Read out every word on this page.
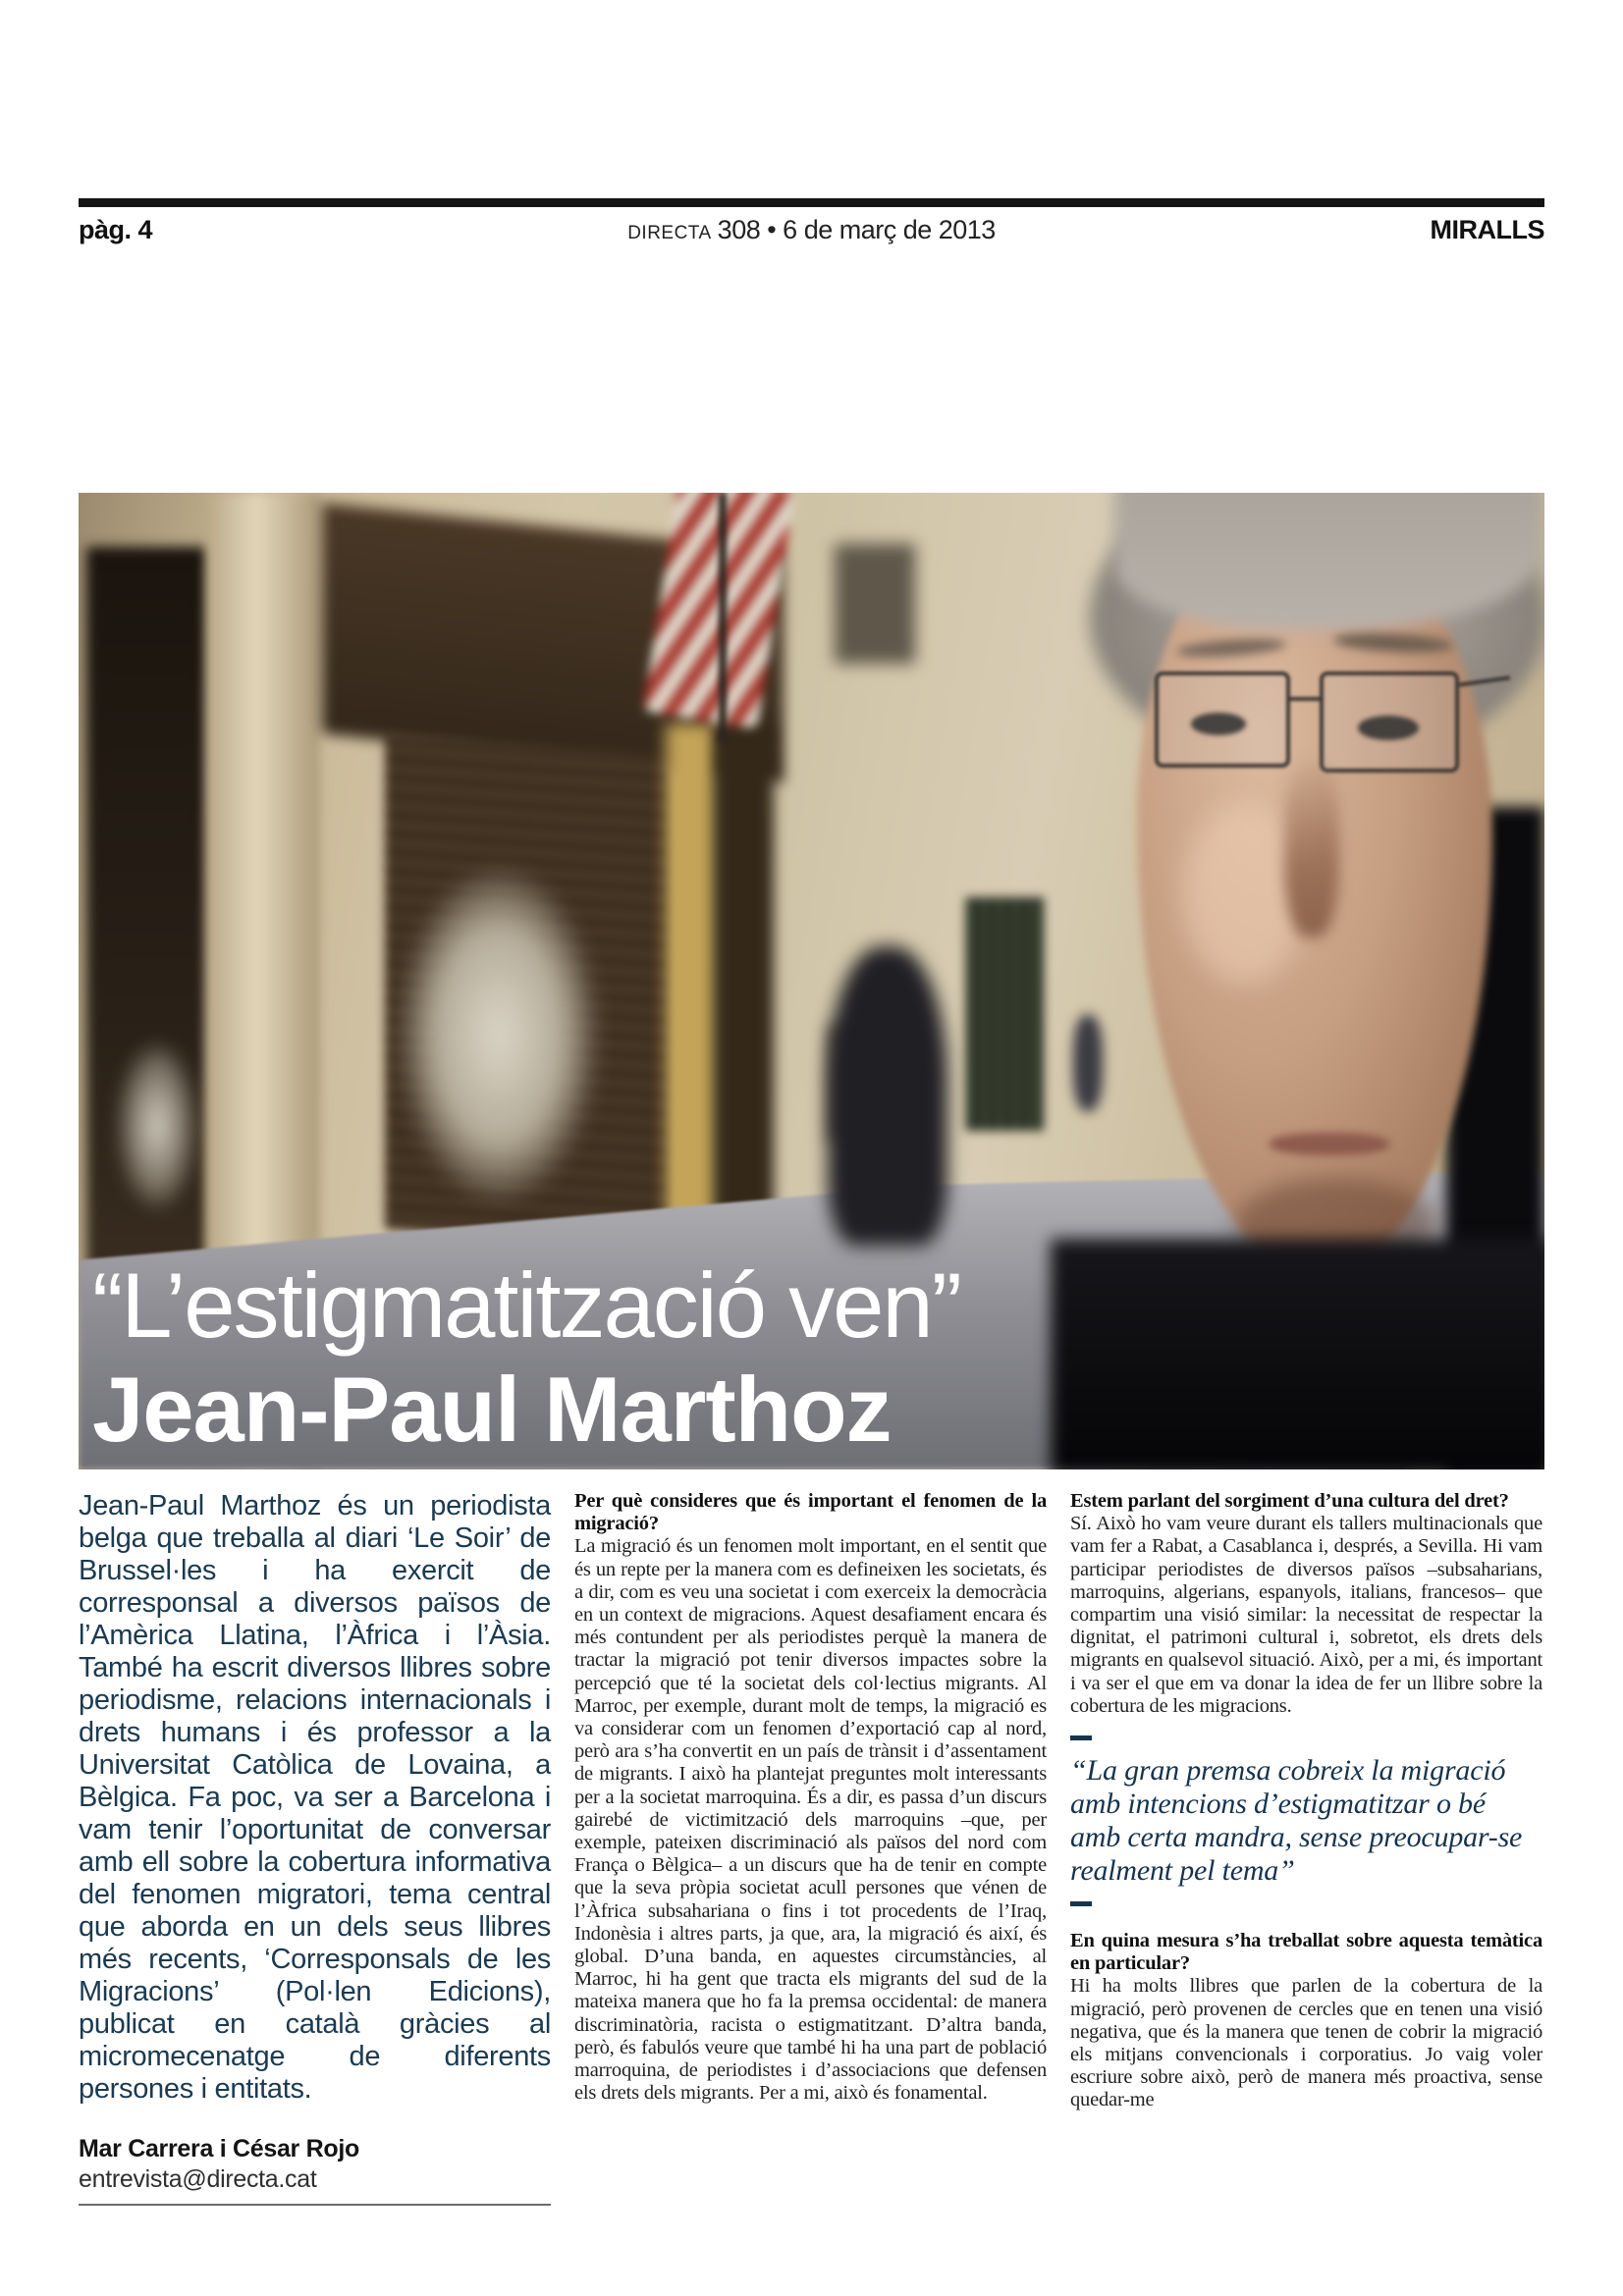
pàg. 4	DIRECTA 308 • 6 de març de 2013	MIRALLS
“L’estigmatització ven”
Jean-Paul Marthoz

Jean-Paul Marthoz és un periodista belga que treballa al diari ‘Le Soir’ de Brussel·les i ha exercit de corresponsal a diversos països de l’Amèrica Llatina, l’Àfrica i l’Àsia. També ha escrit diversos llibres sobre periodisme, relacions internacionals i drets humans i és professor a la Universitat Catòlica de Lovaina, a Bèlgica. Fa poc, va ser a Barcelona i vam tenir l’oportunitat de conversar amb ell sobre la cobertura informativa del fenomen migratori, tema central que aborda en un dels seus llibres més recents, ‘Corresponsals de les Migracions’ (Pol·len Edicions), publicat en català gràcies al micromecenatge de diferents persones i entitats.

Mar Carrera i César Rojo
entrevista@directa.cat

Per què consideres que és important el fenomen de la migració?

La migració és un fenomen molt important, en el sentit que és un repte per la manera com es defineixen les societats, és a dir, com es veu una societat i com exerceix la democràcia en un context de migracions. Aquest desafiament encara és més contundent per als periodistes perquè la manera de tractar la migració pot tenir diversos impactes sobre la percepció que té la societat dels col·lectius migrants. Al Marroc, per exemple, durant molt de temps, la migració es va considerar com un fenomen d’exportació cap al nord, però ara s’ha convertit en un país de trànsit i d’assentament de migrants. I això ha plantejat preguntes molt interessants per a la societat marroquina. És a dir, es passa d’un discurs gairebé de victimització dels marroquins –que, per exemple, pateixen discriminació als països del nord com França o Bèlgica– a un discurs que ha de tenir en compte que la seva pròpia societat acull persones que vénen de l’Àfrica subsahariana o fins i tot procedents de l’Iraq, Indonèsia i altres parts, ja que, ara, la migració és així, és global. D’una banda, en aquestes circumstàncies, al Marroc, hi ha gent que tracta els migrants del sud de la mateixa manera que ho fa la premsa occidental: de manera discriminatòria, racista o estigmatitzant. D’altra banda, però, és fabulós veure que també hi ha una part de població marroquina, de periodistes i d’associacions que defensen els drets dels migrants. Per a mi, això és fonamental.

Estem parlant del sorgiment d’una cultura del dret?

Sí. Això ho vam veure durant els tallers multinacionals que vam fer a Rabat, a Casablanca i, després, a Sevilla. Hi vam participar periodistes de diversos països –subsaharians, marroquins, algerians, espanyols, italians, francesos– que compartim una visió similar: la necessitat de respectar la dignitat, el patrimoni cultural i, sobretot, els drets dels migrants en qualsevol situació. Això, per a mi, és important i va ser el que em va donar la idea de fer un llibre sobre la cobertura de les migracions.

“La gran premsa cobreix la migració amb intencions d’estigmatitzar o bé amb certa mandra, sense preocupar-se realment pel tema”

En quina mesura s’ha treballat sobre aquesta temàtica en particular?

Hi ha molts llibres que parlen de la cobertura de la migració, però provenen de cercles que en tenen una visió negativa, que és la manera que tenen de cobrir la migració els mitjans convencionals i corporatius. Jo vaig voler escriure sobre això, però de manera més proactiva, sense quedar-me
